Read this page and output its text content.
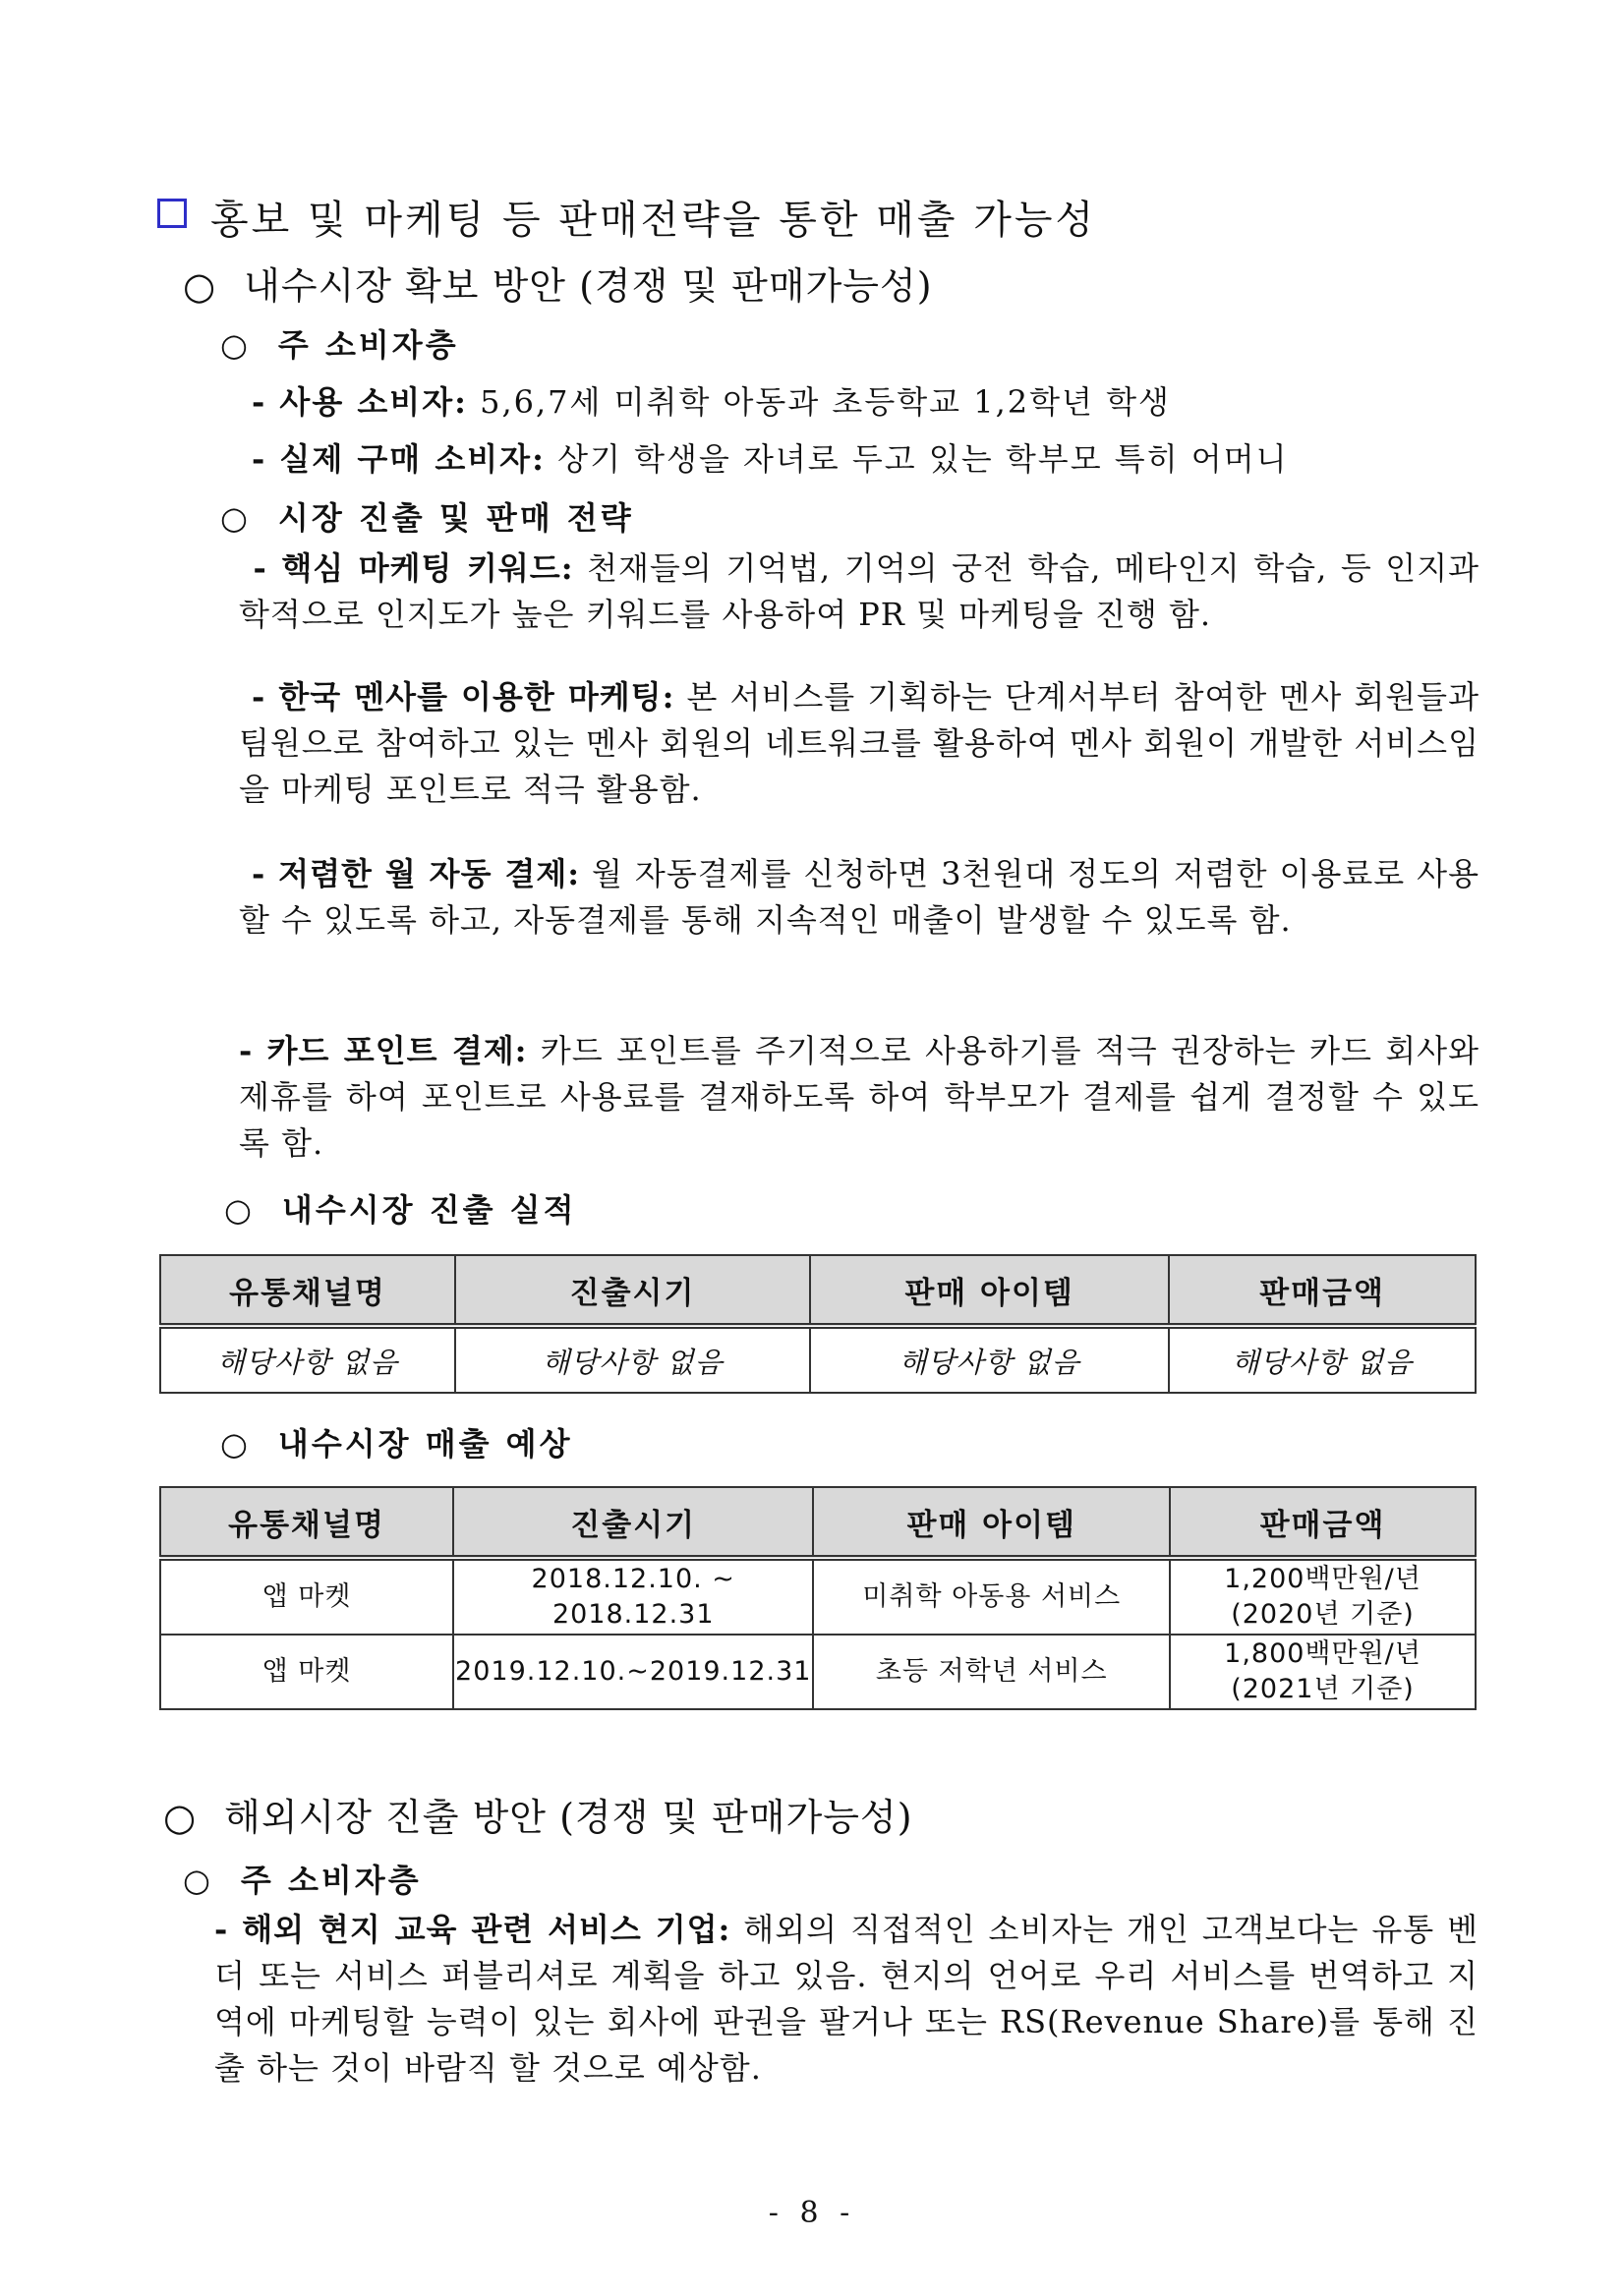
홍보 및 마케팅 등 판매전략을 통한 매출 가능성
○ 내수시장 확보 방안 (경쟁 및 판매가능성)
○ 주 소비자층
- 사용 소비자: 5,6,7세 미취학 아동과 초등학교 1,2학년 학생
- 실제 구매 소비자: 상기 학생을 자녀로 두고 있는 학부모 특히 어머니
○ 시장 진출 및 판매 전략
- 핵심 마케팅 키워드: 천재들의 기억법, 기억의 궁전 학습, 메타인지 학습, 등 인지과학적으로 인지도가 높은 키워드를 사용하여 PR 및 마케팅을 진행 함.
- 한국 멘사를 이용한 마케팅: 본 서비스를 기획하는 단계서부터 참여한 멘사 회원들과 팀원으로 참여하고 있는 멘사 회원의 네트워크를 활용하여 멘사 회원이 개발한 서비스임을 마케팅 포인트로 적극 활용함.
- 저렴한 월 자동 결제: 월 자동결제를 신청하면 3천원대 정도의 저렴한 이용료로 사용할 수 있도록 하고, 자동결제를 통해 지속적인 매출이 발생할 수 있도록 함.
- 카드 포인트 결제: 카드 포인트를 주기적으로 사용하기를 적극 권장하는 카드 회사와 제휴를 하여 포인트로 사용료를 결재하도록 하여 학부모가 결제를 쉽게 결정할 수 있도록 함.
○ 내수시장 진출 실적
유통채널명	진출시기	판매 아이템	판매금액
해당사항 없음	해당사항 없음	해당사항 없음	해당사항 없음
○ 내수시장 매출 예상
유통채널명	진출시기	판매 아이템	판매금액
앱 마켓	2018.12.10. ~ 2018.12.31	미취학 아동용 서비스	1,200백만원/년
(2020년 기준)

앱 마켓	2019.12.10.~2019.12.31	초등 저학년 서비스	1,800백만원/년
(2021년 기준)
○ 해외시장 진출 방안 (경쟁 및 판매가능성)
○ 주 소비자층
- 해외 현지 교육 관련 서비스 기업: 해외의 직접적인 소비자는 개인 고객보다는 유통 벤더 또는 서비스 퍼블리셔로 계획을 하고 있음. 현지의 언어로 우리 서비스를 번역하고 지역에 마케팅할 능력이 있는 회사에 판권을 팔거나 또는 RS(Revenue Share)를 통해 진출 하는 것이 바람직 할 것으로 예상함.
- 8 -
